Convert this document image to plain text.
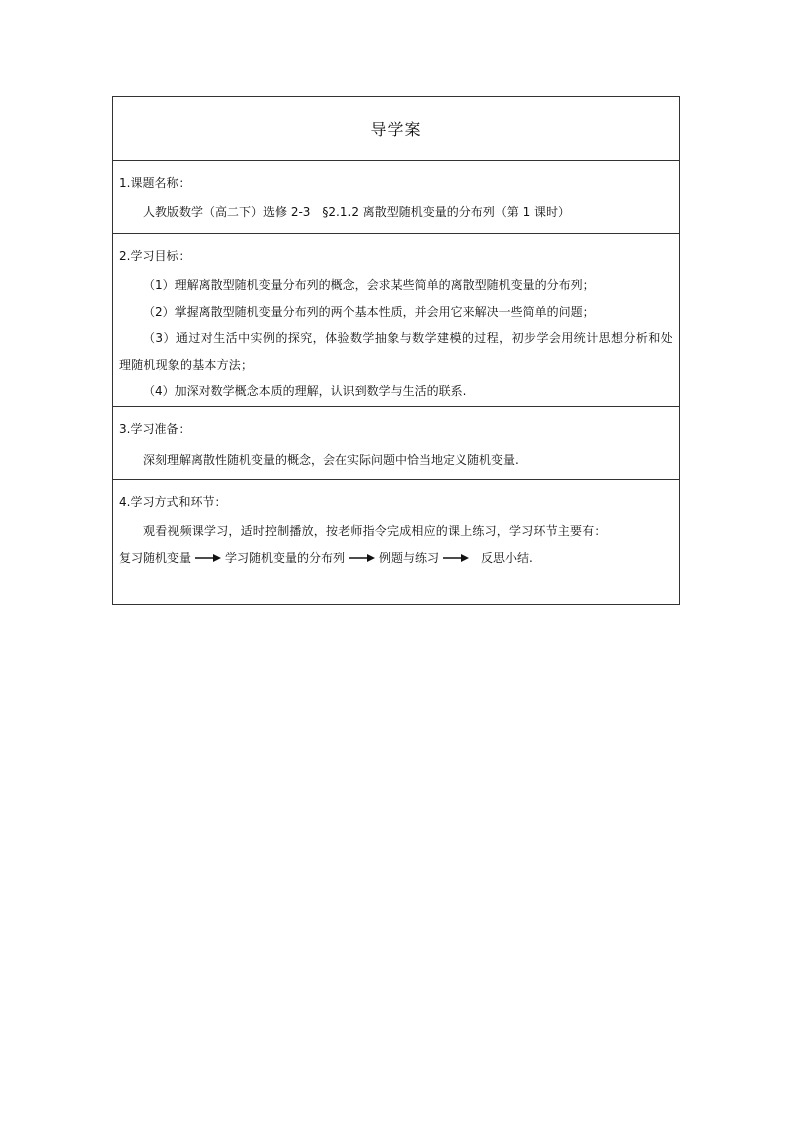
导学案
1.课题名称：
人教版数学（高二下）选修 2-3　§2.1.2 离散型随机变量的分布列（第 1 课时）
2.学习目标：
（1）理解离散型随机变量分布列的概念，会求某些简单的离散型随机变量的分布列；
（2）掌握离散型随机变量分布列的两个基本性质，并会用它来解决一些简单的问题；
（3）通过对生活中实例的探究，体验数学抽象与数学建模的过程，初步学会用统计思想分析和处理随机现象的基本方法；
（4）加深对数学概念本质的理解，认识到数学与生活的联系.
3.学习准备：
深刻理解离散性随机变量的概念，会在实际问题中恰当地定义随机变量.
4.学习方式和环节：
观看视频课学习，适时控制播放，按老师指令完成相应的课上练习，学习环节主要有：
复习随机变量	学习随机变量的分布列	例题与练习	反思小结.
